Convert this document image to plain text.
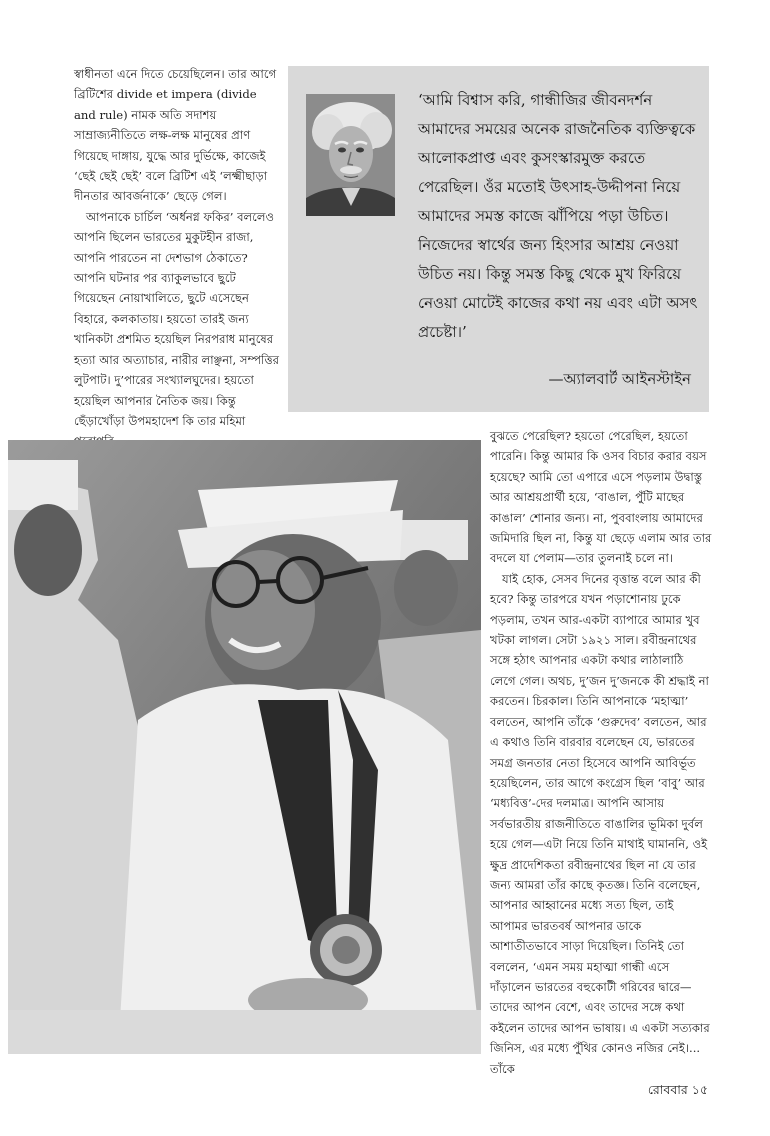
স্বাধীনতা এনে দিতে চেয়েছিলেন। তার আগে ব্রিটিশের divide et impera (divide and rule) নামক অতি সদাশয় সাম্রাজ্যনীতিতে লক্ষ-লক্ষ মানুষের প্রাণ গিয়েছে দাঙ্গায়, যুদ্ধে আর দুর্ভিক্ষে, কাজেই ‘ছেই ছেই ছেই’ বলে ব্রিটিশ এই ‘লক্ষ্মীছাড়া দীনতার আবর্জনাকে’ ছেড়ে গেল।

আপনাকে চার্চিল ‘অর্ধনগ্ন ফকির’ বললেও আপনি ছিলেন ভারতের মুকুটহীন রাজা, আপনি পারতেন না দেশভাগ ঠেকাতে? আপনি ঘটনার পর ব্যাকুলভাবে ছুটে গিয়েছেন নোয়াখালিতে, ছুটে এসেছেন বিহারে, কলকাতায়। হয়তো তারই জন্য খানিকটা প্রশমিত হয়েছিল নিরপরাধ মানুষের হত্যা আর অত্যাচার, নারীর লাঞ্ছনা, সম্পত্তির লুটপাট। দু’পারের সংখ্যালঘুদের। হয়তো হয়েছিল আপনার নৈতিক জয়। কিন্তু ছেঁড়াখোঁড়া উপমহাদেশ কি তার মহিমা

‘আমি বিশ্বাস করি, গান্ধীজির জীবনদর্শন আমাদের সময়ের অনেক রাজনৈতিক ব্যক্তিত্বকে আলোকপ্রাপ্ত এবং কুসংস্কারমুক্ত করতে পেরেছিল। ওঁর মতোই উৎসাহ-উদ্দীপনা নিয়ে আমাদের সমস্ত কাজে ঝাঁপিয়ে পড়া উচিত। নিজেদের স্বার্থের জন্য হিংসার আশ্রয় নেওয়া উচিত নয়। কিন্তু সমস্ত কিছু থেকে মুখ ফিরিয়ে নেওয়া মোটেই কাজের কথা নয় এবং এটা অসৎ প্রচেষ্টা।’
—অ্যালবার্ট আইনস্টাইন

বুঝতে পেরেছিল? হয়তো পেরেছিল, হয়তো পারেনি। কিন্তু আমার কি ওসব বিচার করার বয়স হয়েছে? আমি তো এপারে এসে পড়লাম উদ্বাস্তু আর আশ্রয়প্রার্থী হয়ে, ‘বাঙাল, পুঁটি মাছের কাঙাল’ শোনার জন্য। না, পুববাংলায় আমাদের জমিদারি ছিল না, কিন্তু যা ছেড়ে এলাম আর তার বদলে যা পেলাম—তার তুলনাই চলে না।

যাই হোক, সেসব দিনের বৃত্তান্ত বলে আর কী হবে? কিন্তু তারপরে যখন পড়াশোনায় ঢুকে পড়লাম, তখন আর-একটা ব্যাপারে আমার খুব খটকা লাগল। সেটা ১৯২১ সাল। রবীন্দ্রনাথের সঙ্গে হঠাৎ আপনার একটা কথার লাঠালাঠি লেগে গেল। অথচ, দু’জন দু’জনকে কী শ্রদ্ধাই না করতেন। চিরকাল। তিনি আপনাকে ‘মহাত্মা’ বলতেন, আপনি তাঁকে ‘গুরুদেব’ বলতেন, আর এ কথাও তিনি বারবার বলেছেন যে, ভারতের সমগ্র জনতার নেতা হিসেবে আপনি আবির্ভূত হয়েছিলেন, তার আগে কংগ্রেস ছিল ‘বাবু’ আর ‘মধ্যবিত্ত’-দের দলমাত্র। আপনি আসায় সর্বভারতীয় রাজনীতিতে বাঙালির ভূমিকা দুর্বল হয়ে গেল—এটা নিয়ে তিনি মাথাই ঘামাননি, ওই ক্ষুদ্র প্রাদেশিকতা রবীন্দ্রনাথের ছিল না যে তার জন্য আমরা তাঁর কাছে কৃতজ্ঞ। তিনি বলেছেন, আপনার আহ্বানের মধ্যে সত্য ছিল, তাই আপামর ভারতবর্ষ আপনার ডাকে আশাতীতভাবে সাড়া দিয়েছিল। তিনিই তো বললেন, ‘এমন সময় মহাত্মা গান্ধী এসে দাঁড়ালেন ভারতের বহুকোটী গরিবের দ্বারে—তাদের আপন বেশে, এবং তাদের সঙ্গে কথা কইলেন তাদের আপন ভাষায়। এ একটা সত্যকার জিনিস, এর মধ্যে পুঁথির কোনও নজির নেই।... তাঁকে

রোববার ১৫
